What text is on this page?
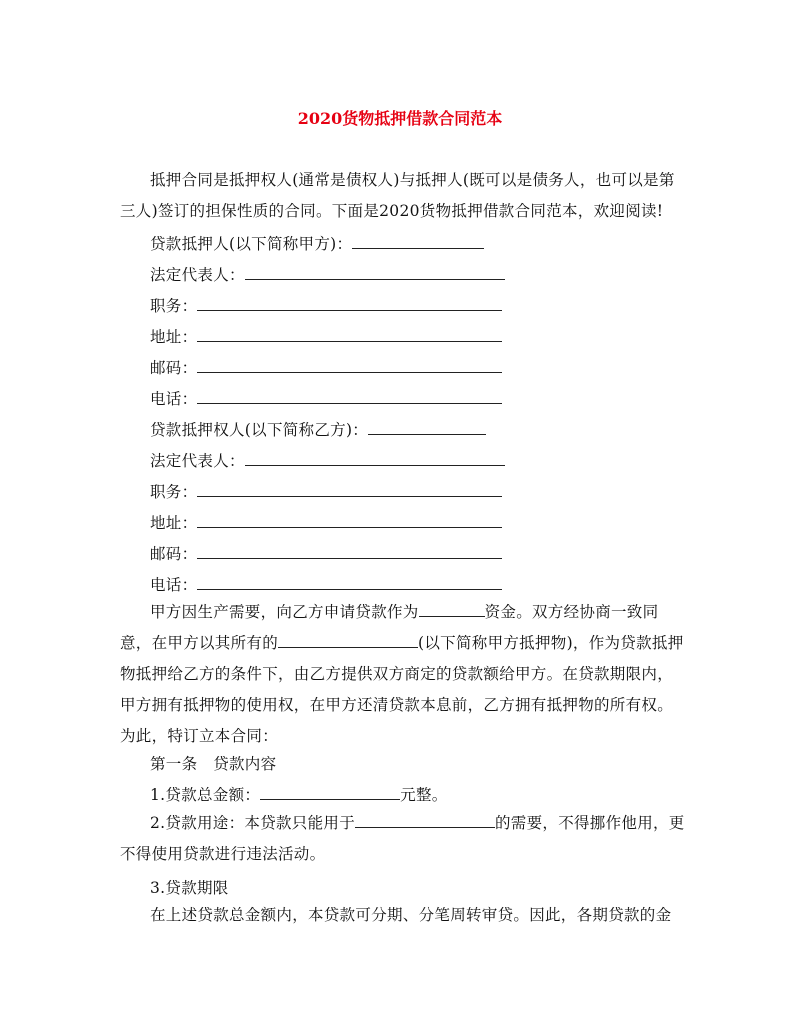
2020货物抵押借款合同范本
抵押合同是抵押权人(通常是债权人)与抵押人(既可以是债务人，也可以是第三人)签订的担保性质的合同。下面是2020货物抵押借款合同范本，欢迎阅读!
贷款抵押人(以下简称甲方)：
法定代表人：
职务：
地址：
邮码：
电话：
贷款抵押权人(以下简称乙方)：
法定代表人：
职务：
地址：
邮码：
电话：
甲方因生产需要，向乙方申请贷款作为	资金。双方经协商一致同意，在甲方以其所有的	(以下简称甲方抵押物)，作为贷款抵押物抵押给乙方的条件下，由乙方提供双方商定的贷款额给甲方。在贷款期限内，甲方拥有抵押物的使用权，在甲方还清贷款本息前，乙方拥有抵押物的所有权。为此，特订立本合同：
第一条　贷款内容
1.贷款总金额：	元整。
2.贷款用途：本贷款只能用于	的需要，不得挪作他用，更不得使用贷款进行违法活动。
3.贷款期限
在上述贷款总金额内，本贷款可分期、分笔周转审贷。因此，各期贷款的金
